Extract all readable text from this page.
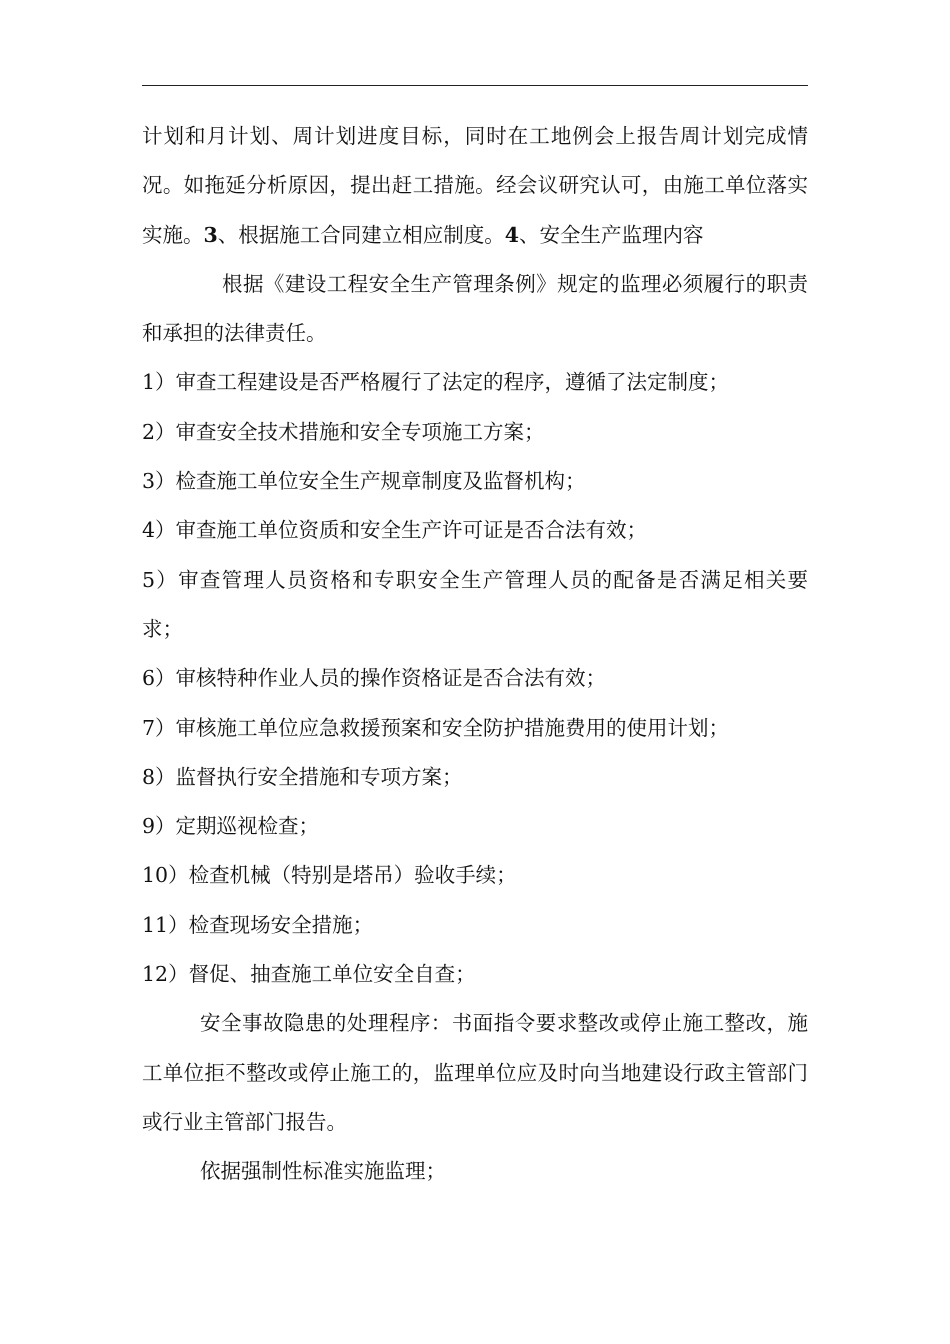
计划和月计划、周计划进度目标，同时在工地例会上报告周计划完成情况。如拖延分析原因，提出赶工措施。经会议研究认可，由施工单位落实实施。3、根据施工合同建立相应制度。4、安全生产监理内容

根据《建设工程安全生产管理条例》规定的监理必须履行的职责和承担的法律责任。

1）审查工程建设是否严格履行了法定的程序，遵循了法定制度；

2）审查安全技术措施和安全专项施工方案；

3）检查施工单位安全生产规章制度及监督机构；

4）审查施工单位资质和安全生产许可证是否合法有效；

5）审查管理人员资格和专职安全生产管理人员的配备是否满足相关要求；

6）审核特种作业人员的操作资格证是否合法有效；

7）审核施工单位应急救援预案和安全防护措施费用的使用计划；

8）监督执行安全措施和专项方案；

9）定期巡视检查；

10）检查机械（特别是塔吊）验收手续；

11）检查现场安全措施；

12）督促、抽查施工单位安全自查；

安全事故隐患的处理程序：书面指令要求整改或停止施工整改，施工单位拒不整改或停止施工的，监理单位应及时向当地建设行政主管部门或行业主管部门报告。

依据强制性标准实施监理；
